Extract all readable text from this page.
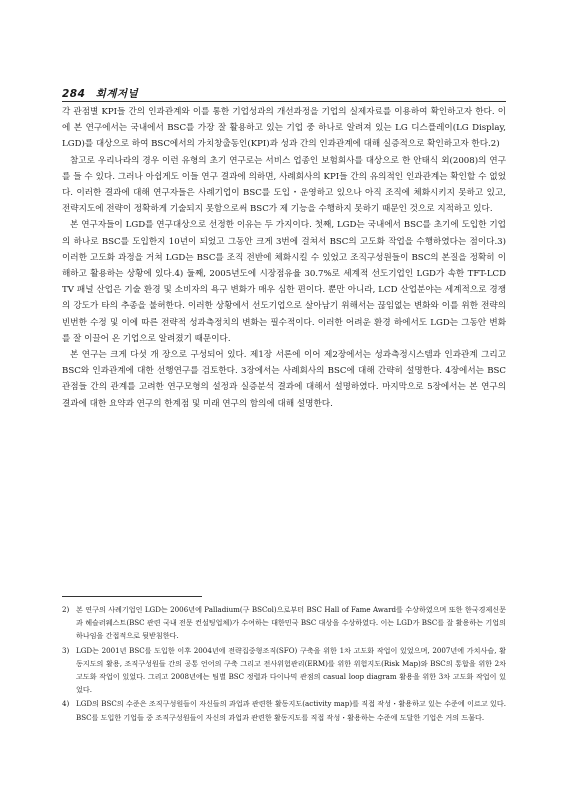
284 회계저널

각 관점별 KPI들 간의 인과관계와 이를 통한 기업성과의 개선과정을 기업의 실제자료를 이용하여 확인하고자 한다. 이에 본 연구에서는 국내에서 BSC를 가장 잘 활용하고 있는 기업 중 하나로 알려져 있는 LG 디스플레이(LG Display, LGD)를 대상으로 하여 BSC에서의 가치창출동인(KPI)과 성과 간의 인과관계에 대해 실증적으로 확인하고자 한다.2)

참고로 우리나라의 경우 이런 유형의 초기 연구로는 서비스 업종인 보험회사를 대상으로 한 안태식 외(2008)의 연구를 들 수 있다. 그러나 아쉽게도 이들 연구 결과에 의하면, 사례회사의 KPI들 간의 유의적인 인과관계는 확인할 수 없었다. 이러한 결과에 대해 연구자들은 사례기업이 BSC를 도입・운영하고 있으나 아직 조직에 체화시키지 못하고 있고, 전략지도에 전략이 정확하게 기술되지 못함으로써 BSC가 제 기능을 수행하지 못하기 때문인 것으로 지적하고 있다.

본 연구자들이 LGD를 연구대상으로 선정한 이유는 두 가지이다. 첫째, LGD는 국내에서 BSC를 초기에 도입한 기업의 하나로 BSC를 도입한지 10년이 되었고 그동안 크게 3번에 걸쳐서 BSC의 고도화 작업을 수행하였다는 점이다.3) 이러한 고도화 과정을 거쳐 LGD는 BSC를 조직 전반에 체화시킬 수 있었고 조직구성원들이 BSC의 본질을 정확히 이해하고 활용하는 상황에 있다.4) 둘째, 2005년도에 시장점유율 30.7%로 세계적 선도기업인 LGD가 속한 TFT-LCD TV 패널 산업은 기술 환경 및 소비자의 욕구 변화가 매우 심한 편이다. 뿐만 아니라, LCD 산업분야는 세계적으로 경쟁의 강도가 타의 추종을 불허한다. 이러한 상황에서 선도기업으로 살아남기 위해서는 끊임없는 변화와 이를 위한 전략의 빈번한 수정 및 이에 따른 전략적 성과측정치의 변화는 필수적이다. 이러한 어려운 환경 하에서도 LGD는 그동안 변화를 잘 이끌어 온 기업으로 알려졌기 때문이다.

본 연구는 크게 다섯 개 장으로 구성되어 있다. 제1장 서론에 이어 제2장에서는 성과측정시스템과 인과관계 그리고 BSC와 인과관계에 대한 선행연구를 검토한다. 3장에서는 사례회사의 BSC에 대해 간략히 설명한다. 4장에서는 BSC 관점들 간의 관계를 고려한 연구모형의 설정과 실증분석 결과에 대해서 설명하였다. 마지막으로 5장에서는 본 연구의 결과에 대한 요약과 연구의 한계점 및 미래 연구의 함의에 대해 설명한다.

2) 본 연구의 사례기업인 LGD는 2006년에 Palladium(구 BSCol)으로부터 BSC Hall of Fame Award를 수상하였으며 또한 한국경제신문과 헤슬러웨스트(BSC 관련 국내 전문 컨설팅업체)가 수여하는 대한민국 BSC 대상을 수상하였다. 이는 LGD가 BSC를 잘 활용하는 기업의 하나임을 간접적으로 뒷받침한다.
3) LGD는 2001년 BSC를 도입한 이후 2004년에 전략집중형조직(SFO) 구축을 위한 1차 고도화 작업이 있었으며, 2007년에 가치사슬, 활동지도의 활용, 조직구성원들 간의 공통 언어의 구축 그리고 전사위험관리(ERM)를 위한 위험지도(Risk Map)와 BSC의 통합을 위한 2차 고도화 작업이 있었다. 그리고 2008년에는 팀별 BSC 정렬과 다이나믹 관점의 casual loop diagram 활용을 위한 3차 고도화 작업이 있었다.
4) LGD의 BSC의 수준은 조직구성원들이 자신들의 과업과 관련한 활동지도(activity map)를 직접 작성・활용하고 있는 수준에 이르고 있다. BSC를 도입한 기업들 중 조직구성원들이 자신의 과업과 관련한 활동지도를 직접 작성・활용하는 수준에 도달한 기업은 거의 드물다.
